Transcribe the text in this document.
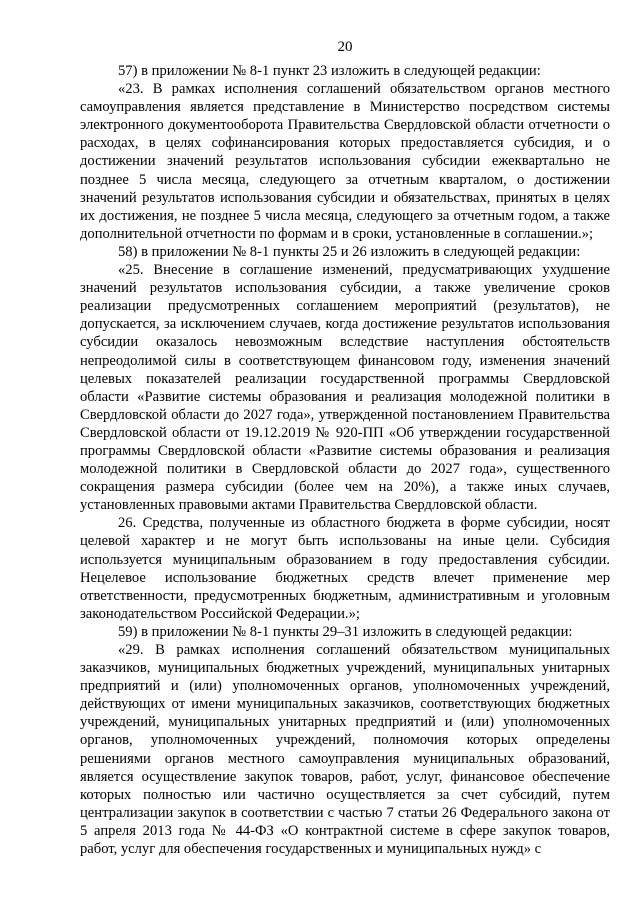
20

57) в приложении № 8-1 пункт 23 изложить в следующей редакции:

«23. В рамках исполнения соглашений обязательством органов местного самоуправления является представление в Министерство посредством системы электронного документооборота Правительства Свердловской области отчетности о расходах, в целях софинансирования которых предоставляется субсидия, и о достижении значений результатов использования субсидии ежеквартально не позднее 5 числа месяца, следующего за отчетным кварталом, о достижении значений результатов использования субсидии и обязательствах, принятых в целях их достижения, не позднее 5 числа месяца, следующего за отчетным годом, а также дополнительной отчетности по формам и в сроки, установленные в соглашении.»;

58) в приложении № 8-1 пункты 25 и 26 изложить в следующей редакции:

«25. Внесение в соглашение изменений, предусматривающих ухудшение значений результатов использования субсидии, а также увеличение сроков реализации предусмотренных соглашением мероприятий (результатов), не допускается, за исключением случаев, когда достижение результатов использования субсидии оказалось невозможным вследствие наступления обстоятельств непреодолимой силы в соответствующем финансовом году, изменения значений целевых показателей реализации государственной программы Свердловской области «Развитие системы образования и реализация молодежной политики в Свердловской области до 2027 года», утвержденной постановлением Правительства Свердловской области от 19.12.2019 № 920-ПП «Об утверждении государственной программы Свердловской области «Развитие системы образования и реализация молодежной политики в Свердловской области до 2027 года», существенного сокращения размера субсидии (более чем на 20%), а также иных случаев, установленных правовыми актами Правительства Свердловской области.

26. Средства, полученные из областного бюджета в форме субсидии, носят целевой характер и не могут быть использованы на иные цели. Субсидия используется муниципальным образованием в году предоставления субсидии. Нецелевое использование бюджетных средств влечет применение мер ответственности, предусмотренных бюджетным, административным и уголовным законодательством Российской Федерации.»;

59) в приложении № 8-1 пункты 29–31 изложить в следующей редакции:

«29. В рамках исполнения соглашений обязательством муниципальных заказчиков, муниципальных бюджетных учреждений, муниципальных унитарных предприятий и (или) уполномоченных органов, уполномоченных учреждений, действующих от имени муниципальных заказчиков, соответствующих бюджетных учреждений, муниципальных унитарных предприятий и (или) уполномоченных органов, уполномоченных учреждений, полномочия которых определены решениями органов местного самоуправления муниципальных образований, является осуществление закупок товаров, работ, услуг, финансовое обеспечение которых полностью или частично осуществляется за счет субсидий, путем централизации закупок в соответствии с частью 7 статьи 26 Федерального закона от 5 апреля 2013 года № 44-ФЗ «О контрактной системе в сфере закупок товаров, работ, услуг для обеспечения государственных и муниципальных нужд» с
